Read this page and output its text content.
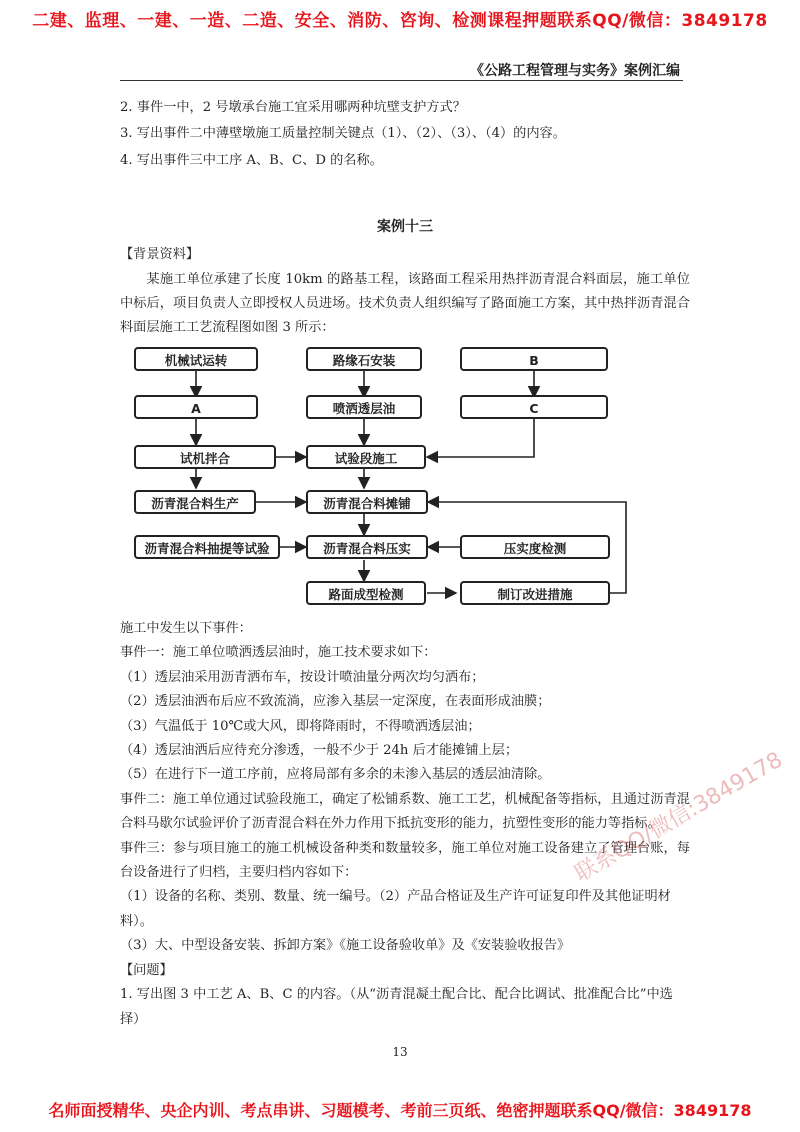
二建、监理、一建、一造、二造、安全、消防、咨询、检测课程押题联系QQ/微信：3849178
《公路工程管理与实务》案例汇编

2. 事件一中，2 号墩承台施工宜采用哪两种坑壁支护方式？

3. 写出事件二中薄壁墩施工质量控制关键点（1）、（2）、（3）、（4）的内容。

4. 写出事件三中工序 A、B、C、D 的名称。

案例十三

【背景资料】

某施工单位承建了长度 10km 的路基工程，该路面工程采用热拌沥青混合料面层，施工单位中标后，项目负责人立即授权人员进场。技术负责人组织编写了路面施工方案，其中热拌沥青混合料面层施工工艺流程图如图 3 所示：

机械试运转
A
试机拌合
沥青混合料生产
沥青混合料抽提等试验
路缘石安装
喷洒透层油
试验段施工
沥青混合料摊铺
沥青混合料压实
路面成型检测
B
C
压实度检测
制订改进措施

施工中发生以下事件：

事件一：施工单位喷洒透层油时，施工技术要求如下：

（1）透层油采用沥青洒布车，按设计喷油量分两次均匀洒布；

（2）透层油洒布后应不致流淌，应渗入基层一定深度，在表面形成油膜；

（3）气温低于 10℃或大风，即将降雨时，不得喷洒透层油；

（4）透层油洒后应待充分渗透，一般不少于 24h 后才能摊铺上层；

（5）在进行下一道工序前，应将局部有多余的未渗入基层的透层油清除。

事件二：施工单位通过试验段施工，确定了松铺系数、施工工艺，机械配备等指标，且通过沥青混合料马歇尔试验评价了沥青混合料在外力作用下抵抗变形的能力，抗塑性变形的能力等指标。

事件三：参与项目施工的施工机械设备种类和数量较多，施工单位对施工设备建立了管理台账，每台设备进行了归档，主要归档内容如下：

（1）设备的名称、类别、数量、统一编号。（2）产品合格证及生产许可证复印件及其他证明材料）。

（3）大、中型设备安装、拆卸方案》《施工设备验收单》及《安装验收报告》

【问题】

1. 写出图 3 中工艺 A、B、C 的内容。（从“沥青混凝土配合比、配合比调试、批准配合比”中选择）

联系QQ/微信:3849178
13
名师面授精华、央企内训、考点串讲、习题模考、考前三页纸、绝密押题联系QQ/微信：3849178
